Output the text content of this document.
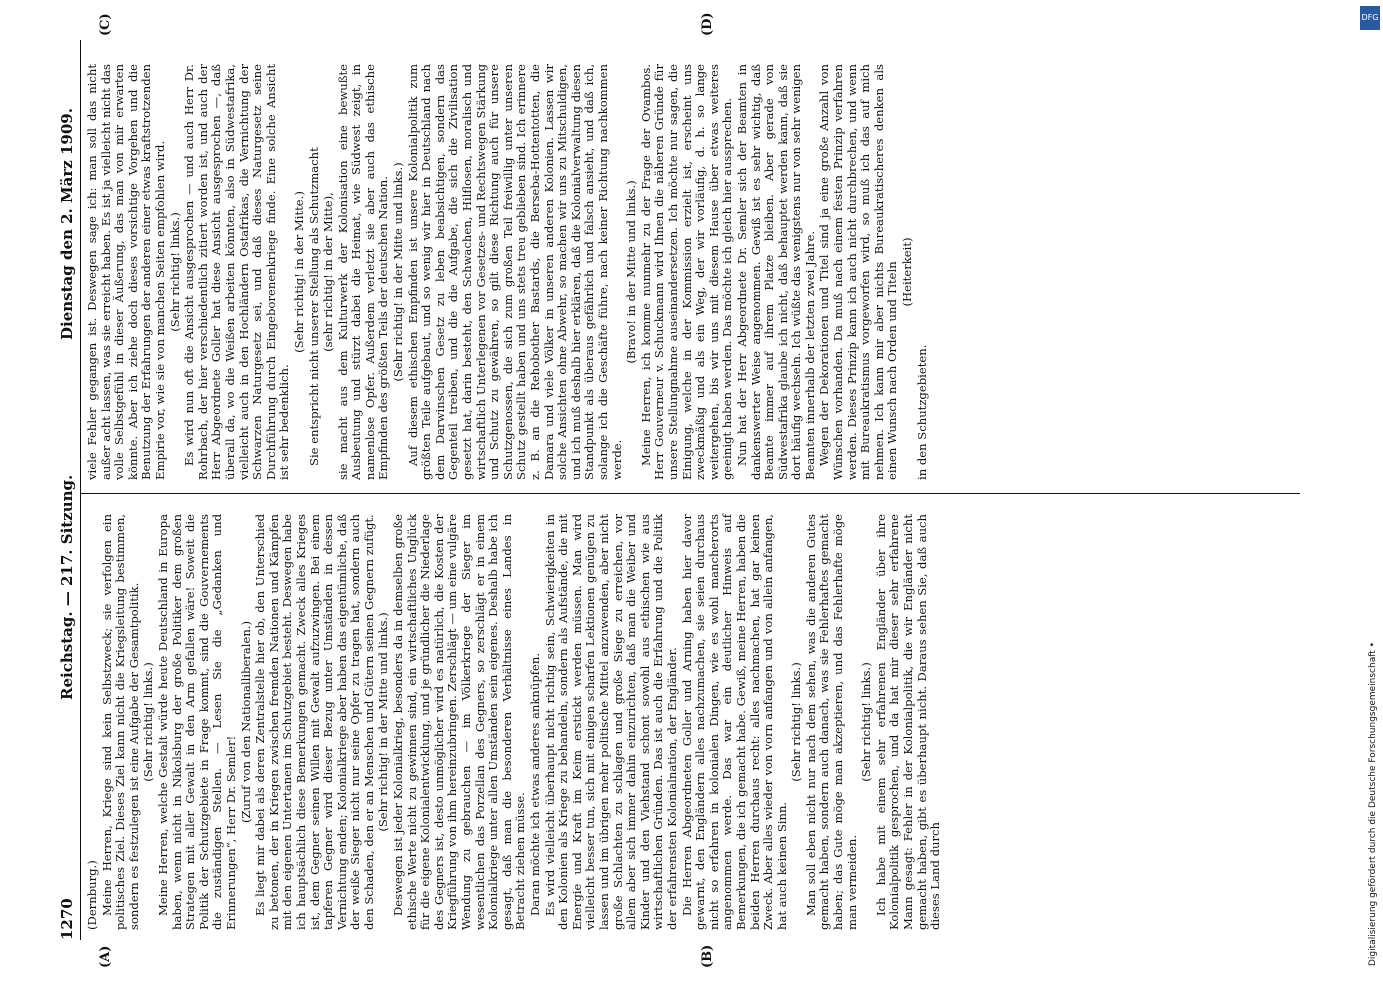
1270
Reichstag. — 217. Sitzung.
Dienstag den 2. März 1909.
(A)	(B)
(C)	(D)

(Dernburg.) Meine Herren, Kriege sind kein Selbstzweck; sie verfolgen ein politisches Ziel. Dieses Ziel kann nicht die Kriegsleitung bestimmen, sondern es festzulegen ist eine Aufgabe der Gesamtpolitik. (Sehr richtig! links.) Meine Herren, welche Gestalt würde heute Deutschland in Europa haben, wenn nicht in Nikolsburg der große Politiker dem großen Strategen mit aller Gewalt in den Arm gefallen wäre! Soweit die Politik der Schutzgebiete in Frage kommt, sind die Gouvernements die zuständigen Stellen. — Lesen Sie die „Gedanken und Erinnerungen“, Herr Dr. Semler!

(Zuruf von den Nationalliberalen.) Es liegt mir dabei als deren Zentralstelle hier ob, den Unterschied zu betonen, der in Kriegen zwischen fremden Nationen und Kämpfen mit den eigenen Untertanen im Schutzgebiet besteht. Deswegen habe ich hauptsächlich diese Bemerkungen gemacht. Zweck alles Krieges ist, dem Gegner seinen Willen mit Gewalt aufzuzwingen. Bei einem tapferen Gegner wird dieser Bezug unter Umständen in dessen Vernichtung enden; Kolonialkriege aber haben das eigentümliche, daß der weiße Sieger nicht nur seine Opfer zu tragen hat, sondern auch den Schaden, den er an Menschen und Gütern seinen Gegnern zufügt. (Sehr richtig! in der Mitte und links.) Deswegen ist jeder Kolonialkrieg, besonders da in demselben große ethische Werte nicht zu gewinnen sind, ein wirtschaftliches Unglück für die eigene Kolonialentwicklung, und je gründlicher die Niederlage des Gegners ist, desto unmöglicher wird es natürlich, die Kosten der Kriegführung von ihm hereinzubringen. Zerschlägt — um eine vulgäre Wendung zu gebrauchen — im Völkerkriege der Sieger im wesentlichen das Porzellan des Gegners, so zerschlägt er in einem Kolonialkriege unter allen Umständen sein eigenes. Deshalb habe ich gesagt, daß man die besonderen Verhältnisse eines Landes in Betracht ziehen müsse. Daran möchte ich etwas anderes anknüpfen. Es wird vielleicht überhaupt nicht richtig sein, Schwierigkeiten in den Kolonien als Kriege zu behandeln, sondern als Aufstände, die mit Energie und Kraft im Keim erstickt werden müssen. Man wird vielleicht besser tun, sich mit einigen scharfen Lektionen genügen zu lassen und im übrigen mehr politische Mittel anzuwenden, aber nicht große Schlachten zu schlagen und große Siege zu erreichen, vor allem aber sich immer dahin einzurichten, daß man die Weiber und Kinder und den Viehstand schont sowohl aus ethischen wie aus wirtschaftlichen Gründen. Das ist auch die Erfahrung und die Politik der erfahrensten Kolonialnation, der Engländer. Die Herren Abgeordneten Goller und Arning haben hier davor gewarnt, den Engländern alles nachzumachen, sie seien durchaus nicht so erfahren in kolonialen Dingen, wie es wohl mancherorts angenommen werde. Das war ein deutlicher Hinweis auf Bemerkungen, die ich gemacht habe. Gewiß, meine Herren, haben die beiden Herren durchaus recht: alles nachmachen, hat gar keinen Zweck. Aber alles wieder von vorn anfangen und von allein anfangen, hat auch keinen Sinn.

(Sehr richtig! links.) Man soll eben nicht nur nach dem sehen, was die anderen Gutes gemacht haben, sondern auch danach, was sie Fehlerhaftes gemacht haben; das Gute möge man akzeptieren, und das Fehlerhafte möge man vermeiden.

(Sehr richtig! links.) Ich habe mit einem sehr erfahrenen Engländer über ihre Kolonialpolitik gesprochen, und da hat mir dieser sehr erfahrene Mann gesagt: Fehler in der Kolonialpolitik, die wir Engländer nicht gemacht haben, gibt es überhaupt nicht. Daraus sehen Sie, daß auch dieses Land durch

viele Fehler gegangen ist. Deswegen sage ich: man soll das nicht außer acht lassen, was sie erreicht haben. Es ist ja vielleicht nicht das volle Selbstgefühl in dieser Äußerung, das man von mir erwarten könnte. Aber ich ziehe doch dieses vorsichtige Vorgehen und die Benutzung der Erfahrungen der anderen einer etwas kraftstrotzenden Empirie vor, wie sie von manchen Seiten empfohlen wird. (Sehr richtig! links.) Es wird nun oft die Ansicht ausgesprochen — und auch Herr Dr. Rohrbach, der hier verschiedentlich zitiert worden ist, und auch der Herr Abgeordnete Goller hat diese Ansicht ausgesprochen —, daß überall da, wo die Weißen arbeiten könnten, also in Südwestafrika, vielleicht auch in den Hochländern Ostafrikas, die Vernichtung der Schwarzen Naturgesetz sei, und daß dieses Naturgesetz seine Durchführung durch Eingeborenenkriege finde. Eine solche Ansicht ist sehr bedenklich.

(Sehr richtig! in der Mitte.) Sie entspricht nicht unserer Stellung als Schutzmacht (sehr richtig! in der Mitte), sie macht aus dem Kulturwerk der Kolonisation eine bewußte Ausbeutung und stürzt dabei die Heimat, wie Südwest zeigt, in namenlose Opfer. Außerdem verletzt sie aber auch das ethische Empfinden des größten Teils der deutschen Nation. (Sehr richtig! in der Mitte und links.) Auf diesem ethischen Empfinden ist unsere Kolonialpolitik zum größten Teile aufgebaut, und so wenig wir hier in Deutschland nach dem Darwinschen Gesetz zu leben beabsichtigen, sondern das Gegenteil treiben, und die die Aufgabe, die sich die Zivilisation gesetzt hat, darin besteht, den Schwachen, Hilflosen, moralisch und wirtschaftlich Unterlegenen vor Gesetzes- und Rechtswegen Stärkung und Schutz zu gewähren, so gilt diese Richtung auch für unsere Schutzgenossen, die sich zum großen Teil freiwillig unter unseren Schutz gestellt haben und uns stets treu geblieben sind. Ich erinnere z. B. an die Rehobother Bastards, die Berseba-Hottentotten, die Damara und viele Völker in unseren anderen Kolonien. Lassen wir solche Ansichten ohne Abwehr, so machen wir uns zu Mitschuldigen, und ich muß deshalb hier erklären, daß die Kolonialverwaltung diesen Standpunkt als überaus gefährlich und falsch ansieht, und daß ich, solange ich die Geschäfte führe, nach keiner Richtung nachkommen werde.

(Bravo! in der Mitte und links.) Meine Herren, ich komme nunmehr zu der Frage der Ovambos. Herr Gouverneur v. Schuckmann wird Ihnen die näheren Gründe für unsere Stellungnahme auseinandersetzen. Ich möchte nur sagen, die Einigung, welche in der Kommission erzielt ist, erscheint uns zweckmäßig und als ein Weg, der wir vorläufig, d. h. so lange weitergehen, bis wir uns mit diesem Hause über etwas weiteres geeinigt haben werden. Das möchte ich gleich hier aussprechen. Nun hat der Herr Abgeordnete Dr. Semler sich der Beamten in dankenswerter Weise angenommen. Gewiß ist es sehr wichtig, daß Beamte immer auf ihrem Platze bleiben. Aber gerade von Südwestafrika glaube ich nicht, daß behauptet werden kann, daß sie dort häufig wechseln. Ich wüßte das wenigstens nur von sehr wenigen Beamten innerhalb der letzten zwei Jahre. Wegen der Dekorationen und Titel sind ja eine große Anzahl von Wünschen vorhanden. Da muß nach einem festen Prinzip verfahren werden. Dieses Prinzip kann ich auch nicht durchbrechen, und wenn mit Bureaukratismus vorgeworfen wird, so muß ich das auf mich nehmen. Ich kann mir aber nichts Bureaukratischeres denken als einen Wunsch nach Orden und Titeln (Heiterkeit)

in den Schutzgebieten.

DFG
Digitalisierung gefördert durch die Deutsche Forschungsgemeinschaft •
